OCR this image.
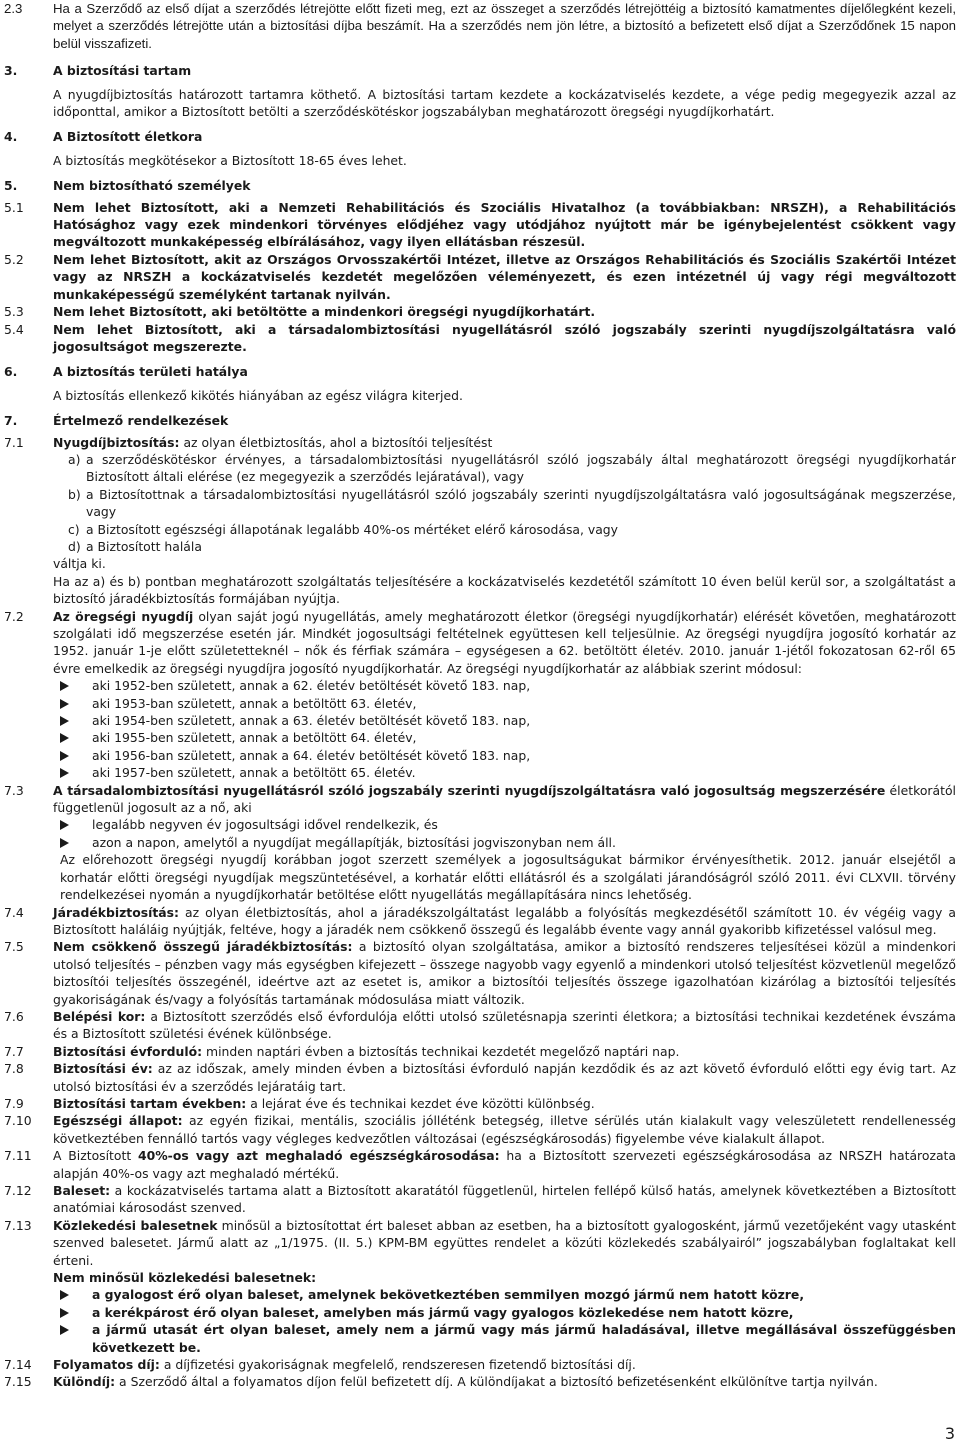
2.3 Ha a Szerződő az első díjat a szerződés létrejötte előtt fizeti meg, ezt az összeget a szerződés létrejöttéig a biztosító kamatmentes díjelőlegként kezeli, melyet a szerződés létrejötte után a biztosítási díjba beszámít. Ha a szerződés nem jön létre, a biztosító a befizetett első díjat a Szerződőnek 15 napon belül visszafizeti.
3.	A biztosítási tartam
A nyugdíjbiztosítás határozott tartamra köthető. A biztosítási tartam kezdete a kockázatviselés kezdete, a vége pedig megegyezik azzal az időponttal, amikor a Biztosított betölti a szerződéskötéskor jogszabályban meghatározott öregségi nyugdíjkorhatárt.
4.	A Biztosított életkora
A biztosítás megkötésekor a Biztosított 18-65 éves lehet.
5.	Nem biztosítható személyek
5.1 Nem lehet Biztosított, aki a Nemzeti Rehabilitációs és Szociális Hivatalhoz (a továbbiakban: NRSZH), a Rehabilitációs Hatósághoz vagy ezek mindenkori törvényes elődjéhez vagy utódjához nyújtott már be igénybejelentést csökkent vagy megváltozott munkaképesség elbírálásához, vagy ilyen ellátásban részesül.
5.2 Nem lehet Biztosított, akit az Országos Orvosszakértői Intézet, illetve az Országos Rehabilitációs és Szociális Szakértői Intézet vagy az NRSZH a kockázatviselés kezdetét megelőzően véleményezett, és ezen intézetnél új vagy régi megváltozott munkaképességű személyként tartanak nyilván.
5.3 Nem lehet Biztosított, aki betöltötte a mindenkori öregségi nyugdíjkorhatárt.
5.4 Nem lehet Biztosított, aki a társadalombiztosítási nyugellátásról szóló jogszabály szerinti nyugdíjszolgáltatásra való jogosultságot megszerezte.
6.	A biztosítás területi hatálya
A biztosítás ellenkező kikötés hiányában az egész világra kiterjed.
7.	Értelmező rendelkezések
7.1 Nyugdíjbiztosítás: az olyan életbiztosítás, ahol a biztosítói teljesítést
a) a szerződéskötéskor érvényes, a társadalombiztosítási nyugellátásról szóló jogszabály által meghatározott öregségi nyugdíjkorhatár Biztosított általi elérése (ez megegyezik a szerződés lejáratával), vagy
b) a Biztosítottnak a társadalombiztosítási nyugellátásról szóló jogszabály szerinti nyugdíjszolgáltatásra való jogosultságának megszerzése, vagy
c) a Biztosított egészségi állapotának legalább 40%-os mértéket elérő károsodása, vagy
d) a Biztosított halála
váltja ki.
Ha az a) és b) pontban meghatározott szolgáltatás teljesítésére a kockázatviselés kezdetétől számított 10 éven belül kerül sor, a szolgáltatást a biztosító járadékbiztosítás formájában nyújtja.
7.2 Az öregségi nyugdíj olyan saját jogú nyugellátás, amely meghatározott életkor (öregségi nyugdíjkorhatár) elérését követően, meghatározott szolgálati idő megszerzése esetén jár. Mindkét jogosultsági feltételnek együttesen kell teljesülnie. Az öregségi nyugdíjra jogosító korhatár az 1952. január 1-je előtt születetteknél – nők és férfiak számára – egységesen a 62. betöltött életév. 2010. január 1-jétől fokozatosan 62-ről 65 évre emelkedik az öregségi nyugdíjra jogosító nyugdíjkorhatár. Az öregségi nyugdíjkorhatár az alábbiak szerint módosul:
aki 1952-ben született, annak a 62. életév betöltését követő 183. nap,
aki 1953-ban született, annak a betöltött 63. életév,
aki 1954-ben született, annak a 63. életév betöltését követő 183. nap,
aki 1955-ben született, annak a betöltött 64. életév,
aki 1956-ban született, annak a 64. életév betöltését követő 183. nap,
aki 1957-ben született, annak a betöltött 65. életév.
7.3 A társadalombiztosítási nyugellátásról szóló jogszabály szerinti nyugdíjszolgáltatásra való jogosultság megszerzésére életkorától függetlenül jogosult az a nő, aki
legalább negyven év jogosultsági idővel rendelkezik, és
azon a napon, amelytől a nyugdíjat megállapítják, biztosítási jogviszonyban nem áll.
Az előrehozott öregségi nyugdíj korábban jogot szerzett személyek a jogosultságukat bármikor érvényesíthetik. 2012. január elsejétől a korhatár előtti öregségi nyugdíjak megszüntetésével, a korhatár előtti ellátásról és a szolgálati járandóságról szóló 2011. évi CLXVII. törvény rendelkezései nyomán a nyugdíjkorhatár betöltése előtt nyugellátás megállapítására nincs lehetőség.
7.4 Járadékbiztosítás: az olyan életbiztosítás, ahol a járadékszolgáltatást legalább a folyósítás megkezdésétől számított 10. év végéig vagy a Biztosított haláláig nyújtják, feltéve, hogy a járadék nem csökkenő összegű és legalább évente vagy annál gyakoribb kifizetéssel valósul meg.
7.5 Nem csökkenő összegű járadékbiztosítás: a biztosító olyan szolgáltatása, amikor a biztosító rendszeres teljesítései közül a mindenkori utolsó teljesítés – pénzben vagy más egységben kifejezett – összege nagyobb vagy egyenlő a mindenkori utolsó teljesítést közvetlenül megelőző biztosítói teljesítés összegénél, ideértve azt az esetet is, amikor a biztosítói teljesítés összege igazolhatóan kizárólag a biztosítói teljesítés gyakoriságának és/vagy a folyósítás tartamának módosulása miatt változik.
7.6 Belépési kor: a Biztosított szerződés első évfordulója előtti utolsó születésnapja szerinti életkora; a biztosítási technikai kezdetének évszáma és a Biztosított születési évének különbsége.
7.7 Biztosítási évforduló: minden naptári évben a biztosítás technikai kezdetét megelőző naptári nap.
7.8 Biztosítási év: az az időszak, amely minden évben a biztosítási évforduló napján kezdődik és az azt követő évforduló előtti egy évig tart. Az utolsó biztosítási év a szerződés lejáratáig tart.
7.9 Biztosítási tartam években: a lejárat éve és technikai kezdet éve közötti különbség.
7.10 Egészségi állapot: az egyén fizikai, mentális, szociális jólléténk betegség, illetve sérülés után kialakult vagy veleszületett rendellenesség következtében fennálló tartós vagy végleges kedvezőtlen változásai (egészségkárosodás) figyelembe véve kialakult állapot.
7.11 A Biztosított 40%-os vagy azt meghaladó egészségkárosodása: ha a Biztosított szervezeti egészségkárosodása az NRSZH határozata alapján 40%-os vagy azt meghaladó mértékű.
7.12 Baleset: a kockázatviselés tartama alatt a Biztosított akaratától függetlenül, hirtelen fellépő külső hatás, amelynek következtében a Biztosított anatómiai károsodást szenved.
7.13 Közlekedési balesetnek minősül a biztosítottat ért baleset abban az esetben, ha a biztosított gyalogosként, jármű vezetőjeként vagy utasként szenved balesetet. Jármű alatt az „1/1975. (II. 5.) KPM-BM együttes rendelet a közúti közlekedés szabályairól” jogszabályban foglaltakat kell érteni.
Nem minősül közlekedési balesetnek:
a gyalogost érő olyan baleset, amelynek bekövetkeztében semmilyen mozgó jármű nem hatott közre,
a kerékpárost érő olyan baleset, amelyben más jármű vagy gyalogos közlekedése nem hatott közre,
a jármű utasát ért olyan baleset, amely nem a jármű vagy más jármű haladásával, illetve megállásával összefüggésben következett be.
7.14 Folyamatos díj: a díjfizetési gyakoriságnak megfelelő, rendszeresen fizetendő biztosítási díj.
7.15 Különdíj: a Szerződő által a folyamatos díjon felül befizetett díj. A különdíjakat a biztosító befizetésenként elkülönítve tartja nyilván.
3
